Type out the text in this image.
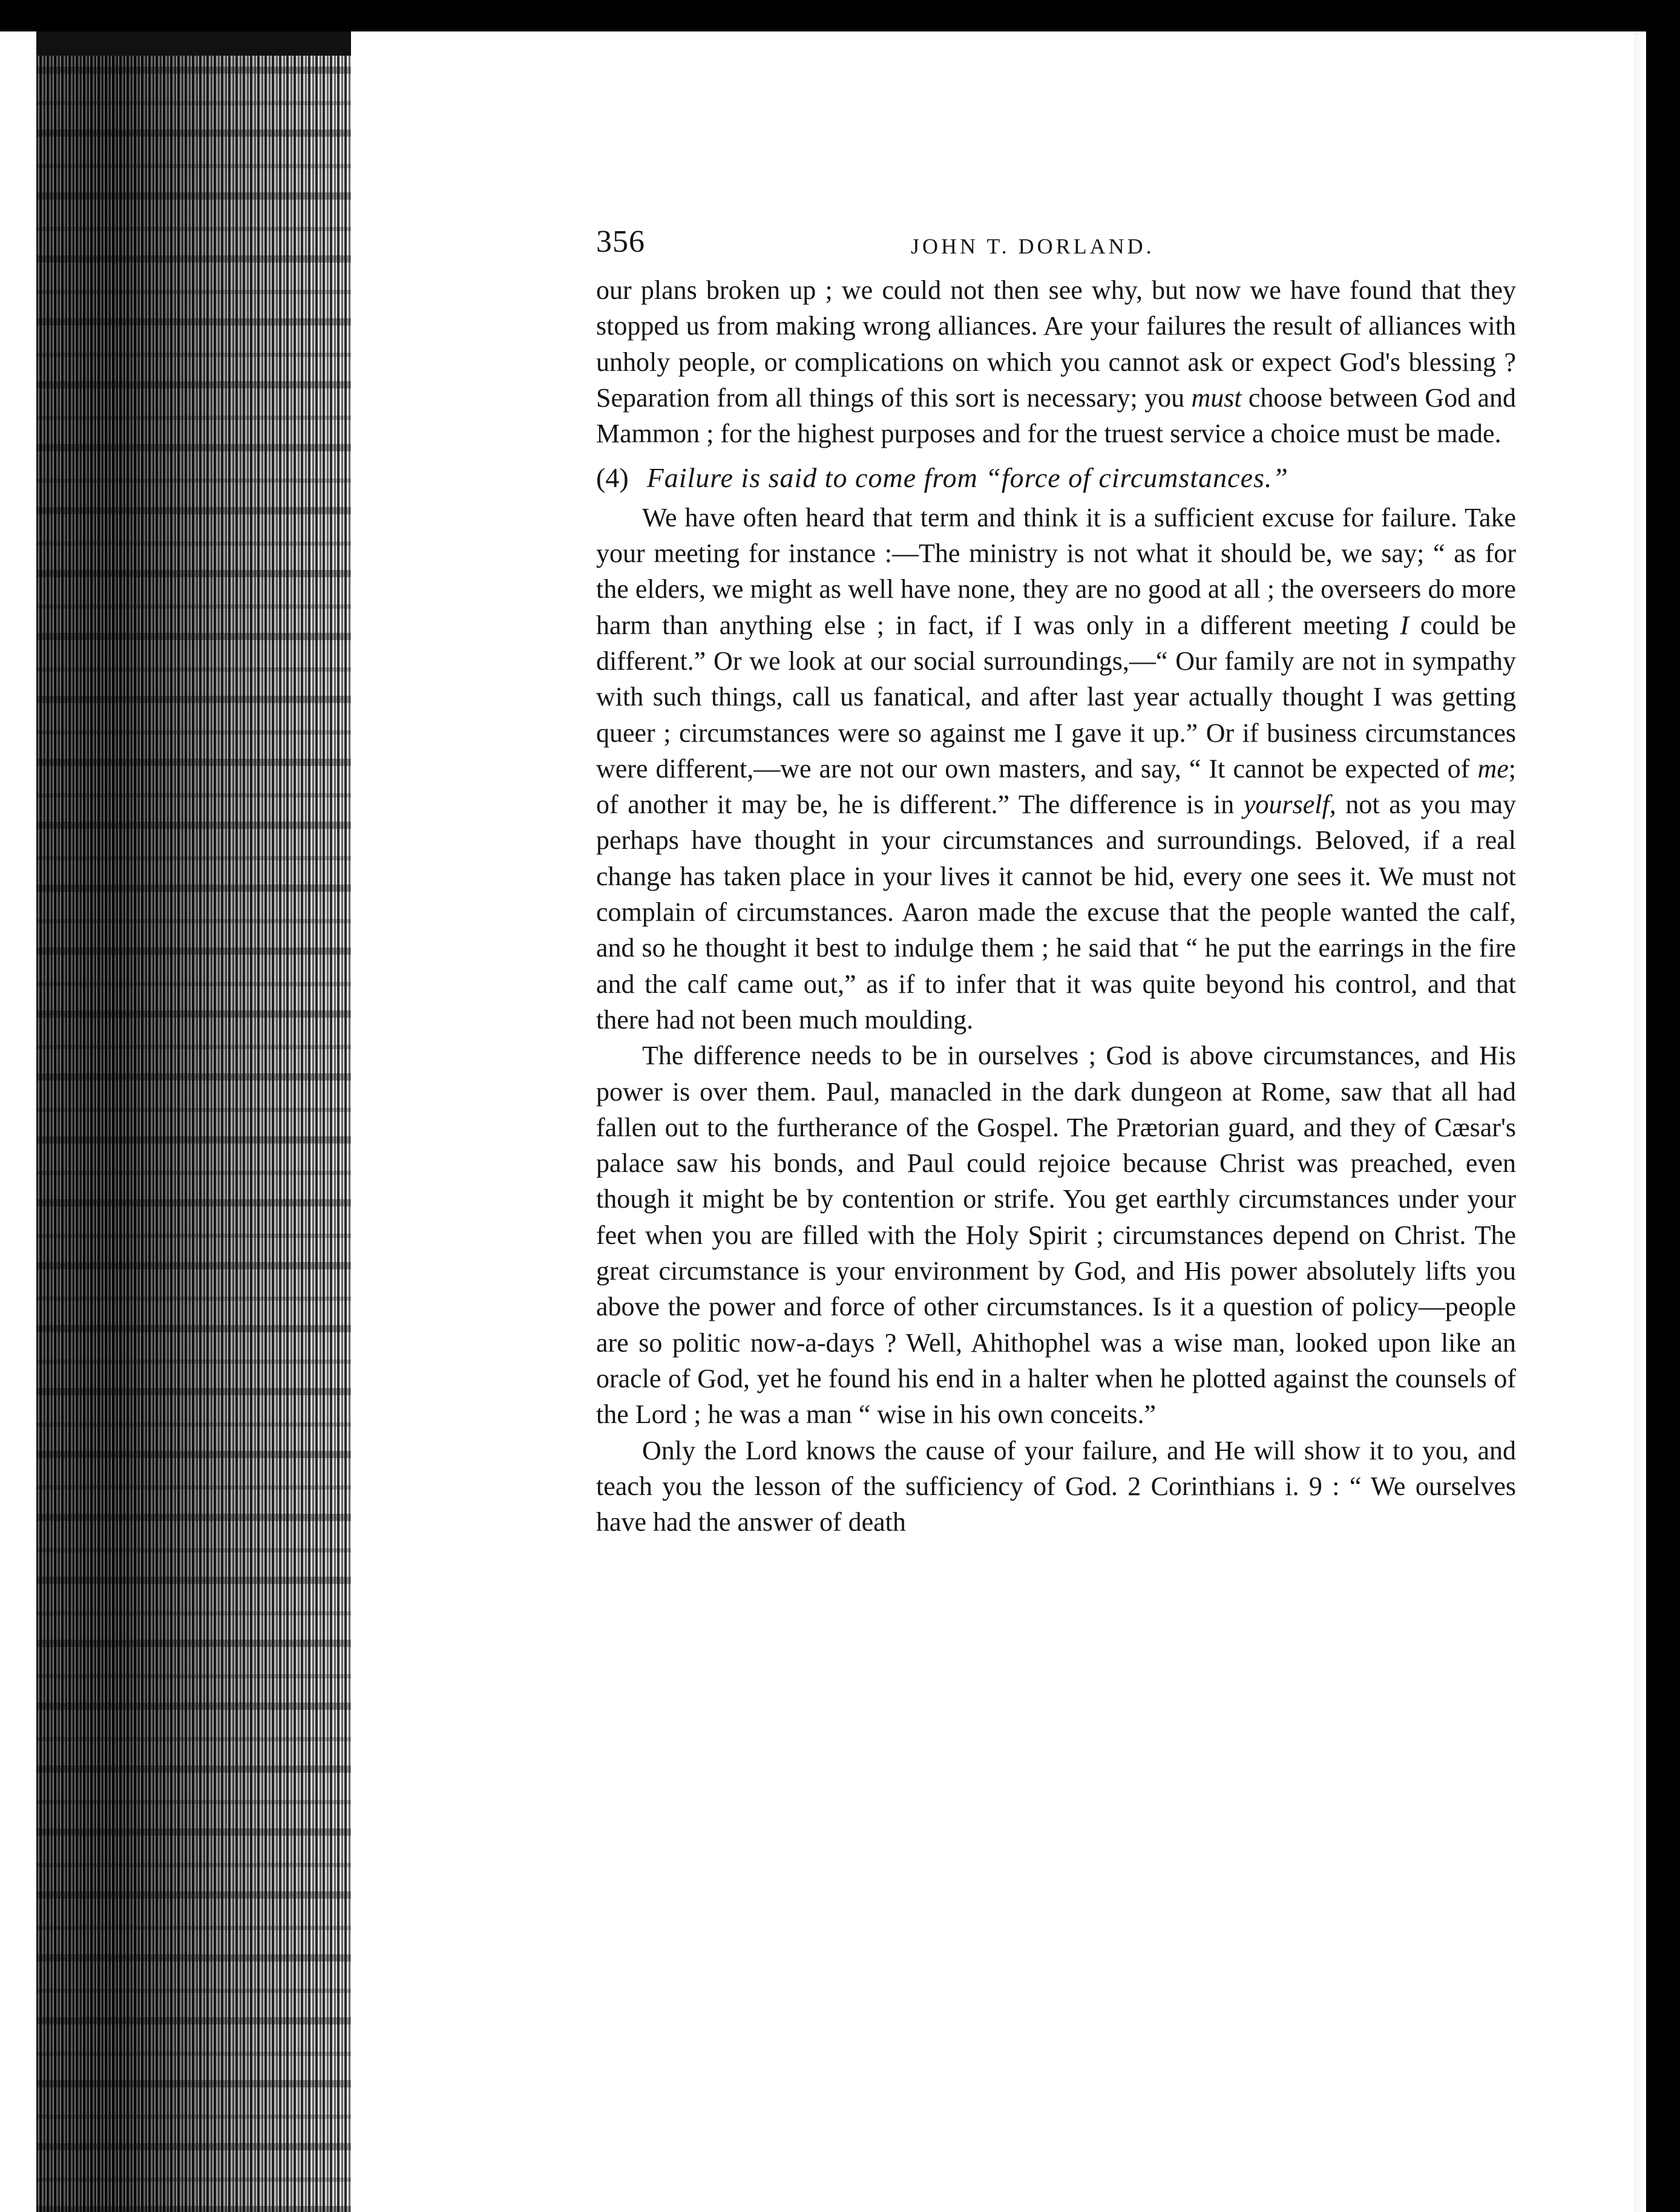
356	JOHN T. DORLAND.

our plans broken up ; we could not then see why, but now we have found that they stopped us from making wrong alliances. Are your failures the result of alliances with unholy people, or complications on which you cannot ask or expect God's blessing ? Separation from all things of this sort is necessary; you must choose between God and Mammon ; for the highest purposes and for the truest service a choice must be made.

(4) Failure is said to come from “force of circumstances.”

We have often heard that term and think it is a sufficient excuse for failure. Take your meeting for instance :—The ministry is not what it should be, we say; “ as for the elders, we might as well have none, they are no good at all ; the overseers do more harm than anything else ; in fact, if I was only in a different meeting I could be different.” Or we look at our social surroundings,—“ Our family are not in sympathy with such things, call us fanatical, and after last year actually thought I was getting queer ; circumstances were so against me I gave it up.” Or if business circumstances were different,—we are not our own masters, and say, “ It cannot be expected of me; of another it may be, he is different.” The difference is in yourself, not as you may perhaps have thought in your circumstances and surroundings. Beloved, if a real change has taken place in your lives it cannot be hid, every one sees it. We must not complain of circumstances. Aaron made the excuse that the people wanted the calf, and so he thought it best to indulge them ; he said that “ he put the earrings in the fire and the calf came out,” as if to infer that it was quite beyond his control, and that there had not been much moulding.

The difference needs to be in ourselves ; God is above circumstances, and His power is over them. Paul, manacled in the dark dungeon at Rome, saw that all had fallen out to the furtherance of the Gospel. The Prætorian guard, and they of Cæsar's palace saw his bonds, and Paul could rejoice because Christ was preached, even though it might be by contention or strife. You get earthly circumstances under your feet when you are filled with the Holy Spirit ; circumstances depend on Christ. The great circumstance is your environment by God, and His power absolutely lifts you above the power and force of other circumstances. Is it a question of policy—people are so politic now-a-days ? Well, Ahithophel was a wise man, looked upon like an oracle of God, yet he found his end in a halter when he plotted against the counsels of the Lord ; he was a man “ wise in his own conceits.”

Only the Lord knows the cause of your failure, and He will show it to you, and teach you the lesson of the sufficiency of God. 2 Corinthians i. 9 : “ We ourselves have had the answer of death
